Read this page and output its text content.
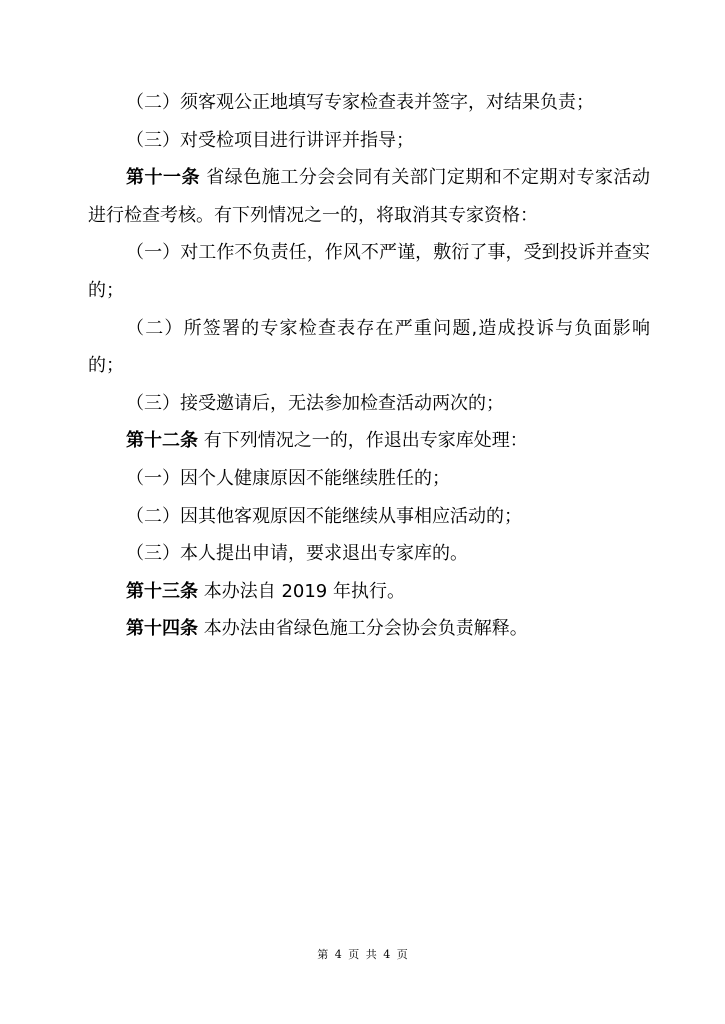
（二）须客观公正地填写专家检查表并签字，对结果负责；

（三）对受检项目进行讲评并指导；

第十一条 省绿色施工分会会同有关部门定期和不定期对专家活动进行检查考核。有下列情况之一的，将取消其专家资格：

（一）对工作不负责任，作风不严谨，敷衍了事，受到投诉并查实的；

（二）所签署的专家检查表存在严重问题,造成投诉与负面影响的；

（三）接受邀请后，无法参加检查活动两次的；

第十二条 有下列情况之一的，作退出专家库处理：

（一）因个人健康原因不能继续胜任的；

（二）因其他客观原因不能继续从事相应活动的；

（三）本人提出申请，要求退出专家库的。

第十三条 本办法自 2019 年执行。

第十四条 本办法由省绿色施工分会协会负责解释。

第 4 页 共 4 页
